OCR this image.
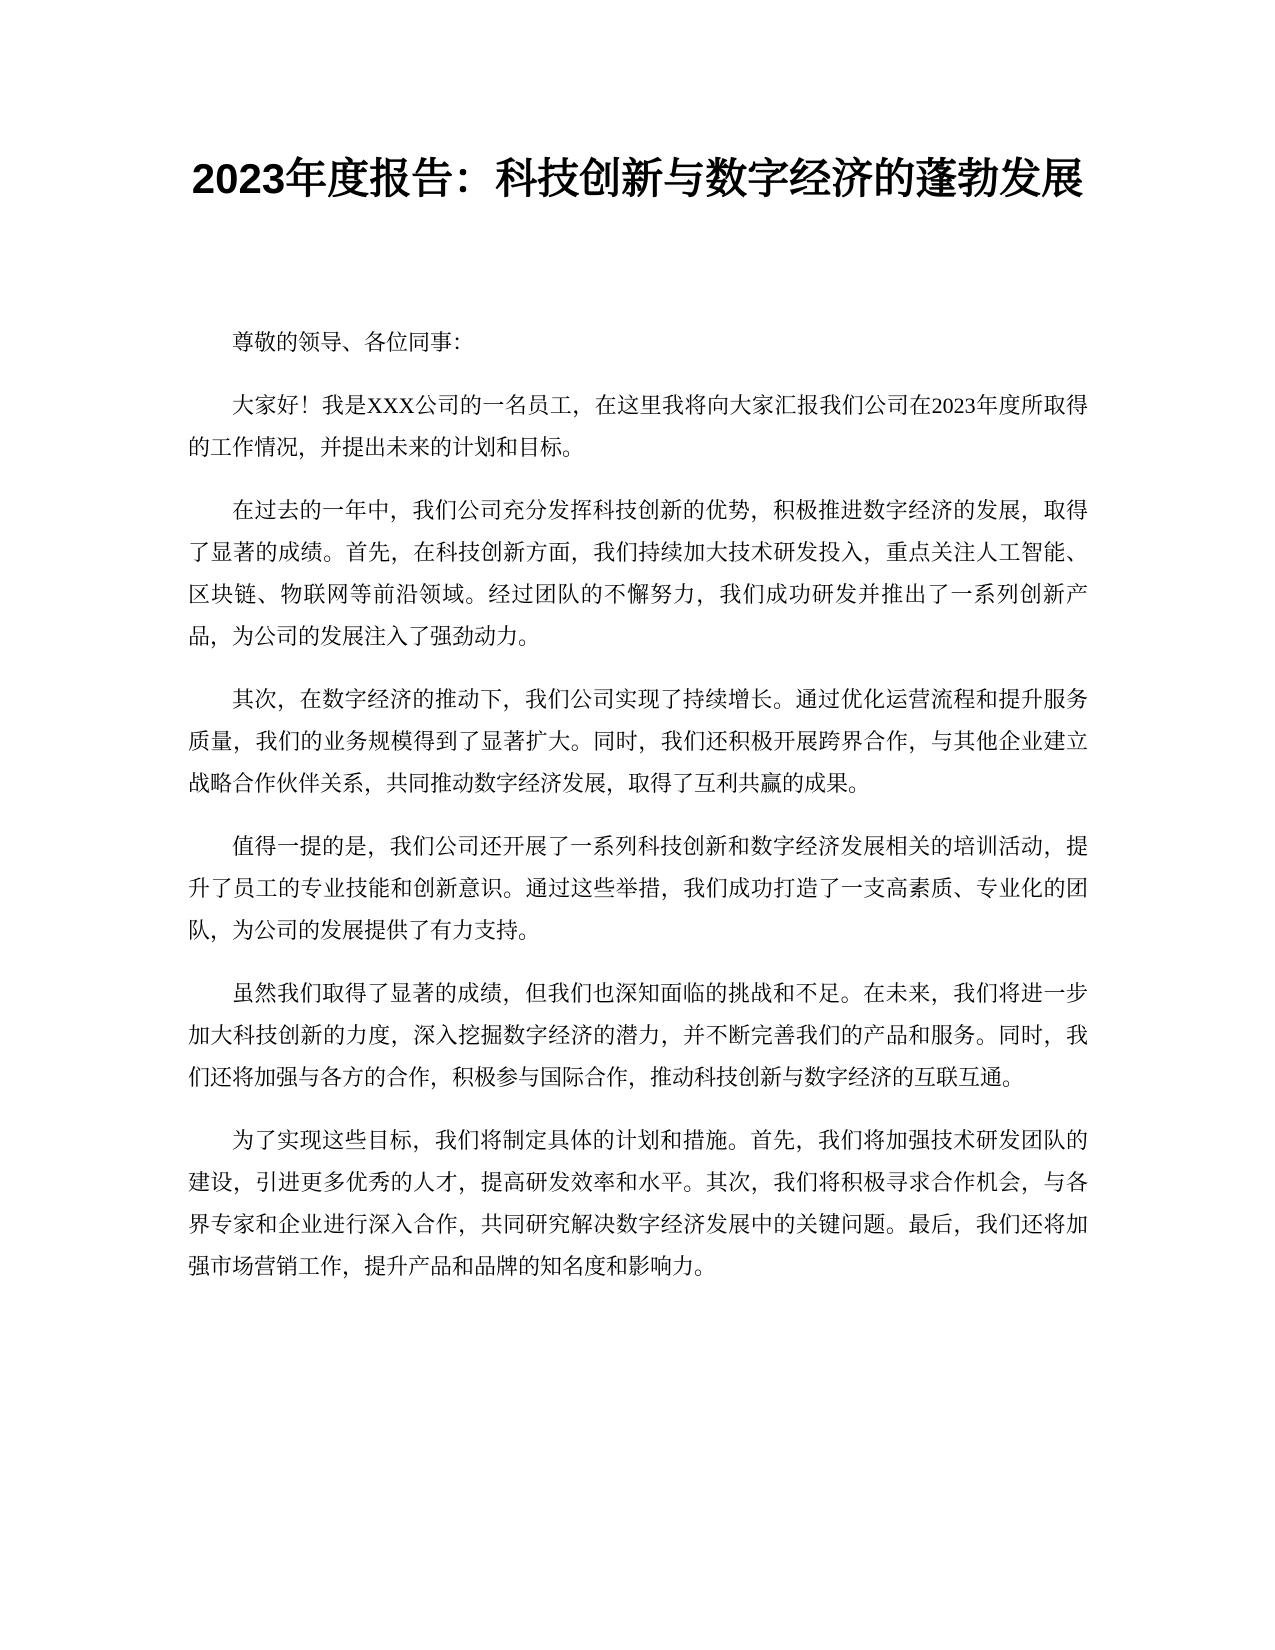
2023年度报告：科技创新与数字经济的蓬勃发展

尊敬的领导、各位同事：

大家好！我是XXX公司的一名员工，在这里我将向大家汇报我们公司在2023年度所取得的工作情况，并提出未来的计划和目标。

在过去的一年中，我们公司充分发挥科技创新的优势，积极推进数字经济的发展，取得了显著的成绩。首先，在科技创新方面，我们持续加大技术研发投入，重点关注人工智能、区块链、物联网等前沿领域。经过团队的不懈努力，我们成功研发并推出了一系列创新产品，为公司的发展注入了强劲动力。

其次，在数字经济的推动下，我们公司实现了持续增长。通过优化运营流程和提升服务质量，我们的业务规模得到了显著扩大。同时，我们还积极开展跨界合作，与其他企业建立战略合作伙伴关系，共同推动数字经济发展，取得了互利共赢的成果。

值得一提的是，我们公司还开展了一系列科技创新和数字经济发展相关的培训活动，提升了员工的专业技能和创新意识。通过这些举措，我们成功打造了一支高素质、专业化的团队，为公司的发展提供了有力支持。

虽然我们取得了显著的成绩，但我们也深知面临的挑战和不足。在未来，我们将进一步加大科技创新的力度，深入挖掘数字经济的潜力，并不断完善我们的产品和服务。同时，我们还将加强与各方的合作，积极参与国际合作，推动科技创新与数字经济的互联互通。

为了实现这些目标，我们将制定具体的计划和措施。首先，我们将加强技术研发团队的建设，引进更多优秀的人才，提高研发效率和水平。其次，我们将积极寻求合作机会，与各界专家和企业进行深入合作，共同研究解决数字经济发展中的关键问题。最后，我们还将加强市场营销工作，提升产品和品牌的知名度和影响力。
